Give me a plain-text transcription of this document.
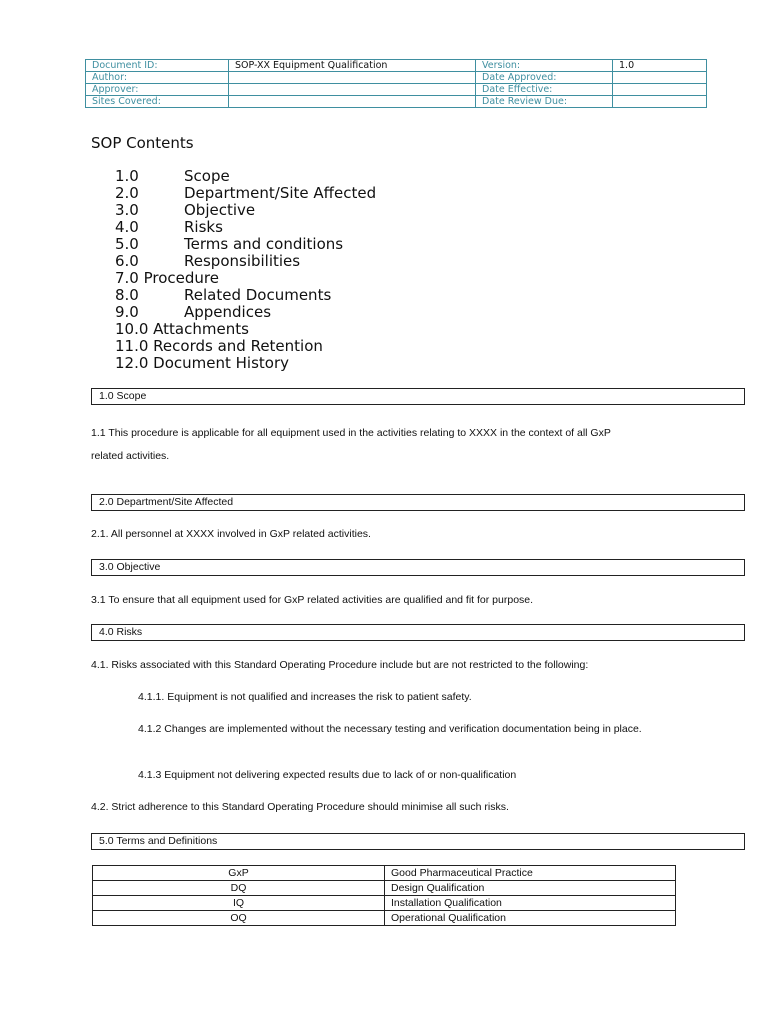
Document ID:	SOP-XX Equipment Qualification	Version:	1.0
Author:		Date Approved:	
Approver:		Date Effective:	
Sites Covered:		Date Review Due:	
SOP Contents
1.0	Scope
2.0	Department/Site Affected
3.0	Objective
4.0	Risks
5.0	Terms and conditions
6.0	Responsibilities
7.0 Procedure
8.0	Related Documents
9.0	Appendices
10.0 Attachments
11.0 Records and Retention
12.0 Document History
1.0 Scope
1.1 This procedure is applicable for all equipment used in the activities relating to XXXX in the context of all GxP
related activities.
2.0 Department/Site Affected
2.1. All personnel at XXXX involved in GxP related activities.
3.0 Objective
3.1 To ensure that all equipment used for GxP related activities are qualified and fit for purpose.
4.0 Risks
4.1. Risks associated with this Standard Operating Procedure include but are not restricted to the following:
4.1.1. Equipment is not qualified and increases the risk to patient safety.
4.1.2 Changes are implemented without the necessary testing and verification documentation being in place.
4.1.3 Equipment not delivering expected results due to lack of or non-qualification
4.2. Strict adherence to this Standard Operating Procedure should minimise all such risks.
5.0 Terms and Definitions
GxP	Good Pharmaceutical Practice
DQ	Design Qualification
IQ	Installation Qualification
OQ	Operational Qualification
